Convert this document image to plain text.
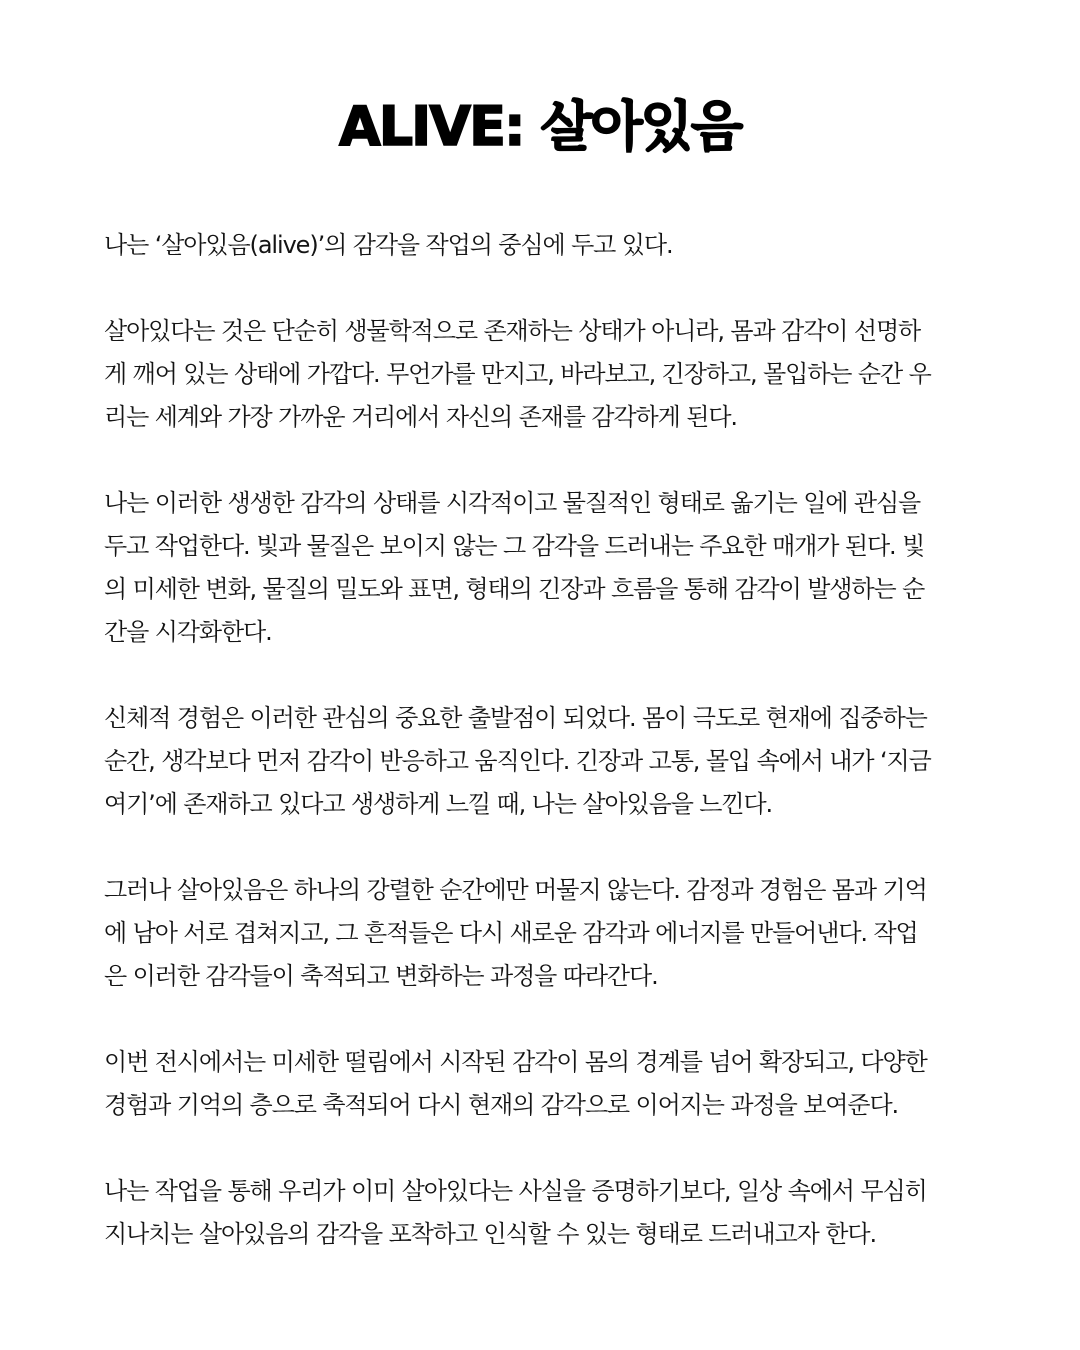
ALIVE: 살아있음

나는 ‘살아있음(alive)’의 감각을 작업의 중심에 두고 있다.

살아있다는 것은 단순히 생물학적으로 존재하는 상태가 아니라, 몸과 감각이 선명하
게 깨어 있는 상태에 가깝다. 무언가를 만지고, 바라보고, 긴장하고, 몰입하는 순간 우
리는 세계와 가장 가까운 거리에서 자신의 존재를 감각하게 된다.

나는 이러한 생생한 감각의 상태를 시각적이고 물질적인 형태로 옮기는 일에 관심을
두고 작업한다. 빛과 물질은 보이지 않는 그 감각을 드러내는 주요한 매개가 된다. 빛
의 미세한 변화, 물질의 밀도와 표면, 형태의 긴장과 흐름을 통해 감각이 발생하는 순
간을 시각화한다.

신체적 경험은 이러한 관심의 중요한 출발점이 되었다. 몸이 극도로 현재에 집중하는
순간, 생각보다 먼저 감각이 반응하고 움직인다. 긴장과 고통, 몰입 속에서 내가 ‘지금
여기’에 존재하고 있다고 생생하게 느낄 때, 나는 살아있음을 느낀다.

그러나 살아있음은 하나의 강렬한 순간에만 머물지 않는다. 감정과 경험은 몸과 기억
에 남아 서로 겹쳐지고, 그 흔적들은 다시 새로운 감각과 에너지를 만들어낸다. 작업
은 이러한 감각들이 축적되고 변화하는 과정을 따라간다.

이번 전시에서는 미세한 떨림에서 시작된 감각이 몸의 경계를 넘어 확장되고, 다양한
경험과 기억의 층으로 축적되어 다시 현재의 감각으로 이어지는 과정을 보여준다.

나는 작업을 통해 우리가 이미 살아있다는 사실을 증명하기보다, 일상 속에서 무심히
지나치는 살아있음의 감각을 포착하고 인식할 수 있는 형태로 드러내고자 한다.
